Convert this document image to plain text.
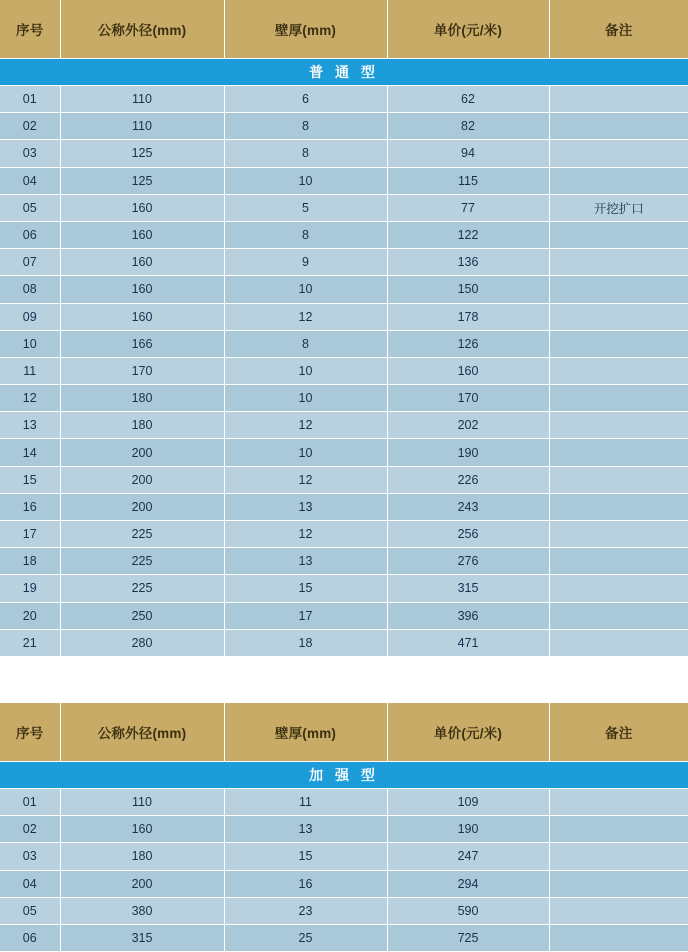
序号	公称外径(mm)	壁厚(mm)	单价(元/米)	备注
普 通 型				
01	110	6	62	
02	110	8	82	
03	125	8	94	
04	125	10	115	
05	160	5	77	开挖扩口
06	160	8	122	
07	160	9	136	
08	160	10	150	
09	160	12	178	
10	166	8	126	
11	170	10	160	
12	180	10	170	
13	180	12	202	
14	200	10	190	
15	200	12	226	
16	200	13	243	
17	225	12	256	
18	225	13	276	
19	225	15	315	
20	250	17	396	
21	280	18	471	
序号	公称外径(mm)	壁厚(mm)	单价(元/米)	备注
加 强 型				
01	110	11	109	
02	160	13	190	
03	180	15	247	
04	200	16	294	
05	380	23	590	
06	315	25	725	
